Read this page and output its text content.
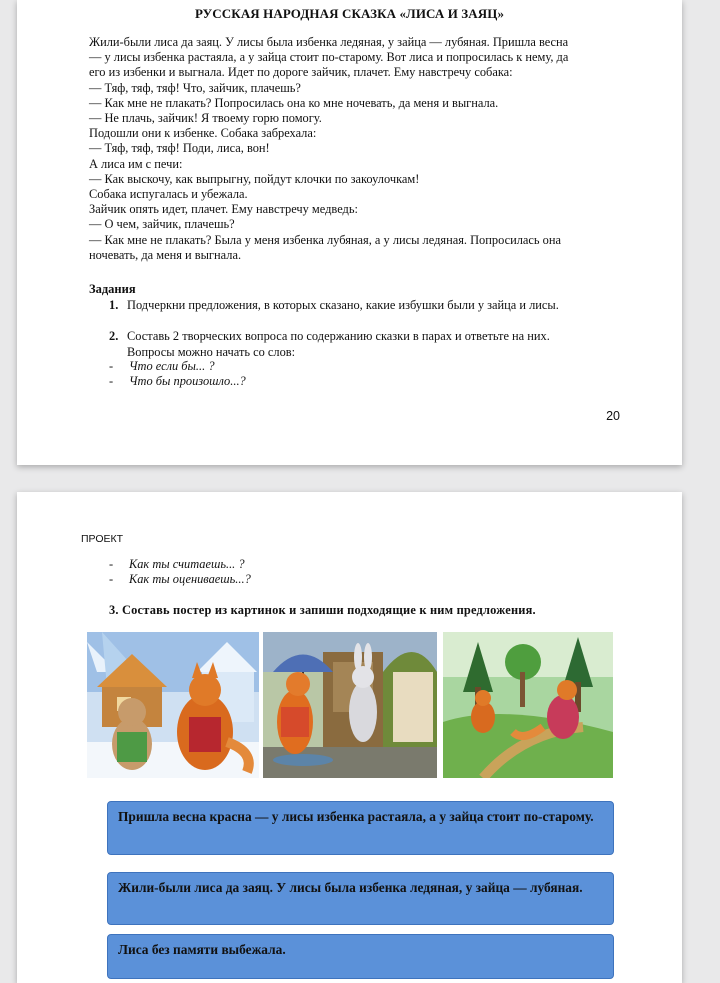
РУССКАЯ НАРОДНАЯ СКАЗКА «ЛИСА И ЗАЯЦ»
Жили-были лиса да заяц. У лисы была избенка ледяная, у зайца — лубяная. Пришла весна
— у лисы избенка растаяла, а у зайца стоит по-старому. Вот лиса и попросилась к нему, да
его из избенки и выгнала. Идет по дороге зайчик, плачет. Ему навстречу собака:
— Тяф, тяф, тяф! Что, зайчик, плачешь?
— Как мне не плакать? Попросилась она ко мне ночевать, да меня и выгнала.
— Не плачь, зайчик! Я твоему горю помогу.
Подошли они к избенке. Собака забрехала:
— Тяф, тяф, тяф! Поди, лиса, вон!
А лиса им с печи:
— Как выскочу, как выпрыгну, пойдут клочки по закоулочкам!
Собака испугалась и убежала.
Зайчик опять идет, плачет. Ему навстречу медведь:
— О чем, зайчик, плачешь?
— Как мне не плакать? Была у меня избенка лубяная, а у лисы ледяная. Попросилась она
ночевать, да меня и выгнала.
Задания
1. Подчеркни предложения, в которых сказано, какие избушки были у зайца и лисы.
2. Составь 2 творческих вопроса по содержанию сказки в парах и ответьте на них.
Вопросы можно начать со слов:
- Что если бы... ?
- Что бы произошло...?
20
ПРОЕКТ
- Как ты считаешь... ?
- Как ты оцениваешь...?
3. Составь постер из картинок и запиши подходящие к ним предложения.
Пришла весна красна — у лисы избенка растаяла, а у зайца стоит по-старому.
Жили-были лиса да заяц. У лисы была избенка ледяная, у зайца — лубяная.
Лиса без памяти выбежала.
